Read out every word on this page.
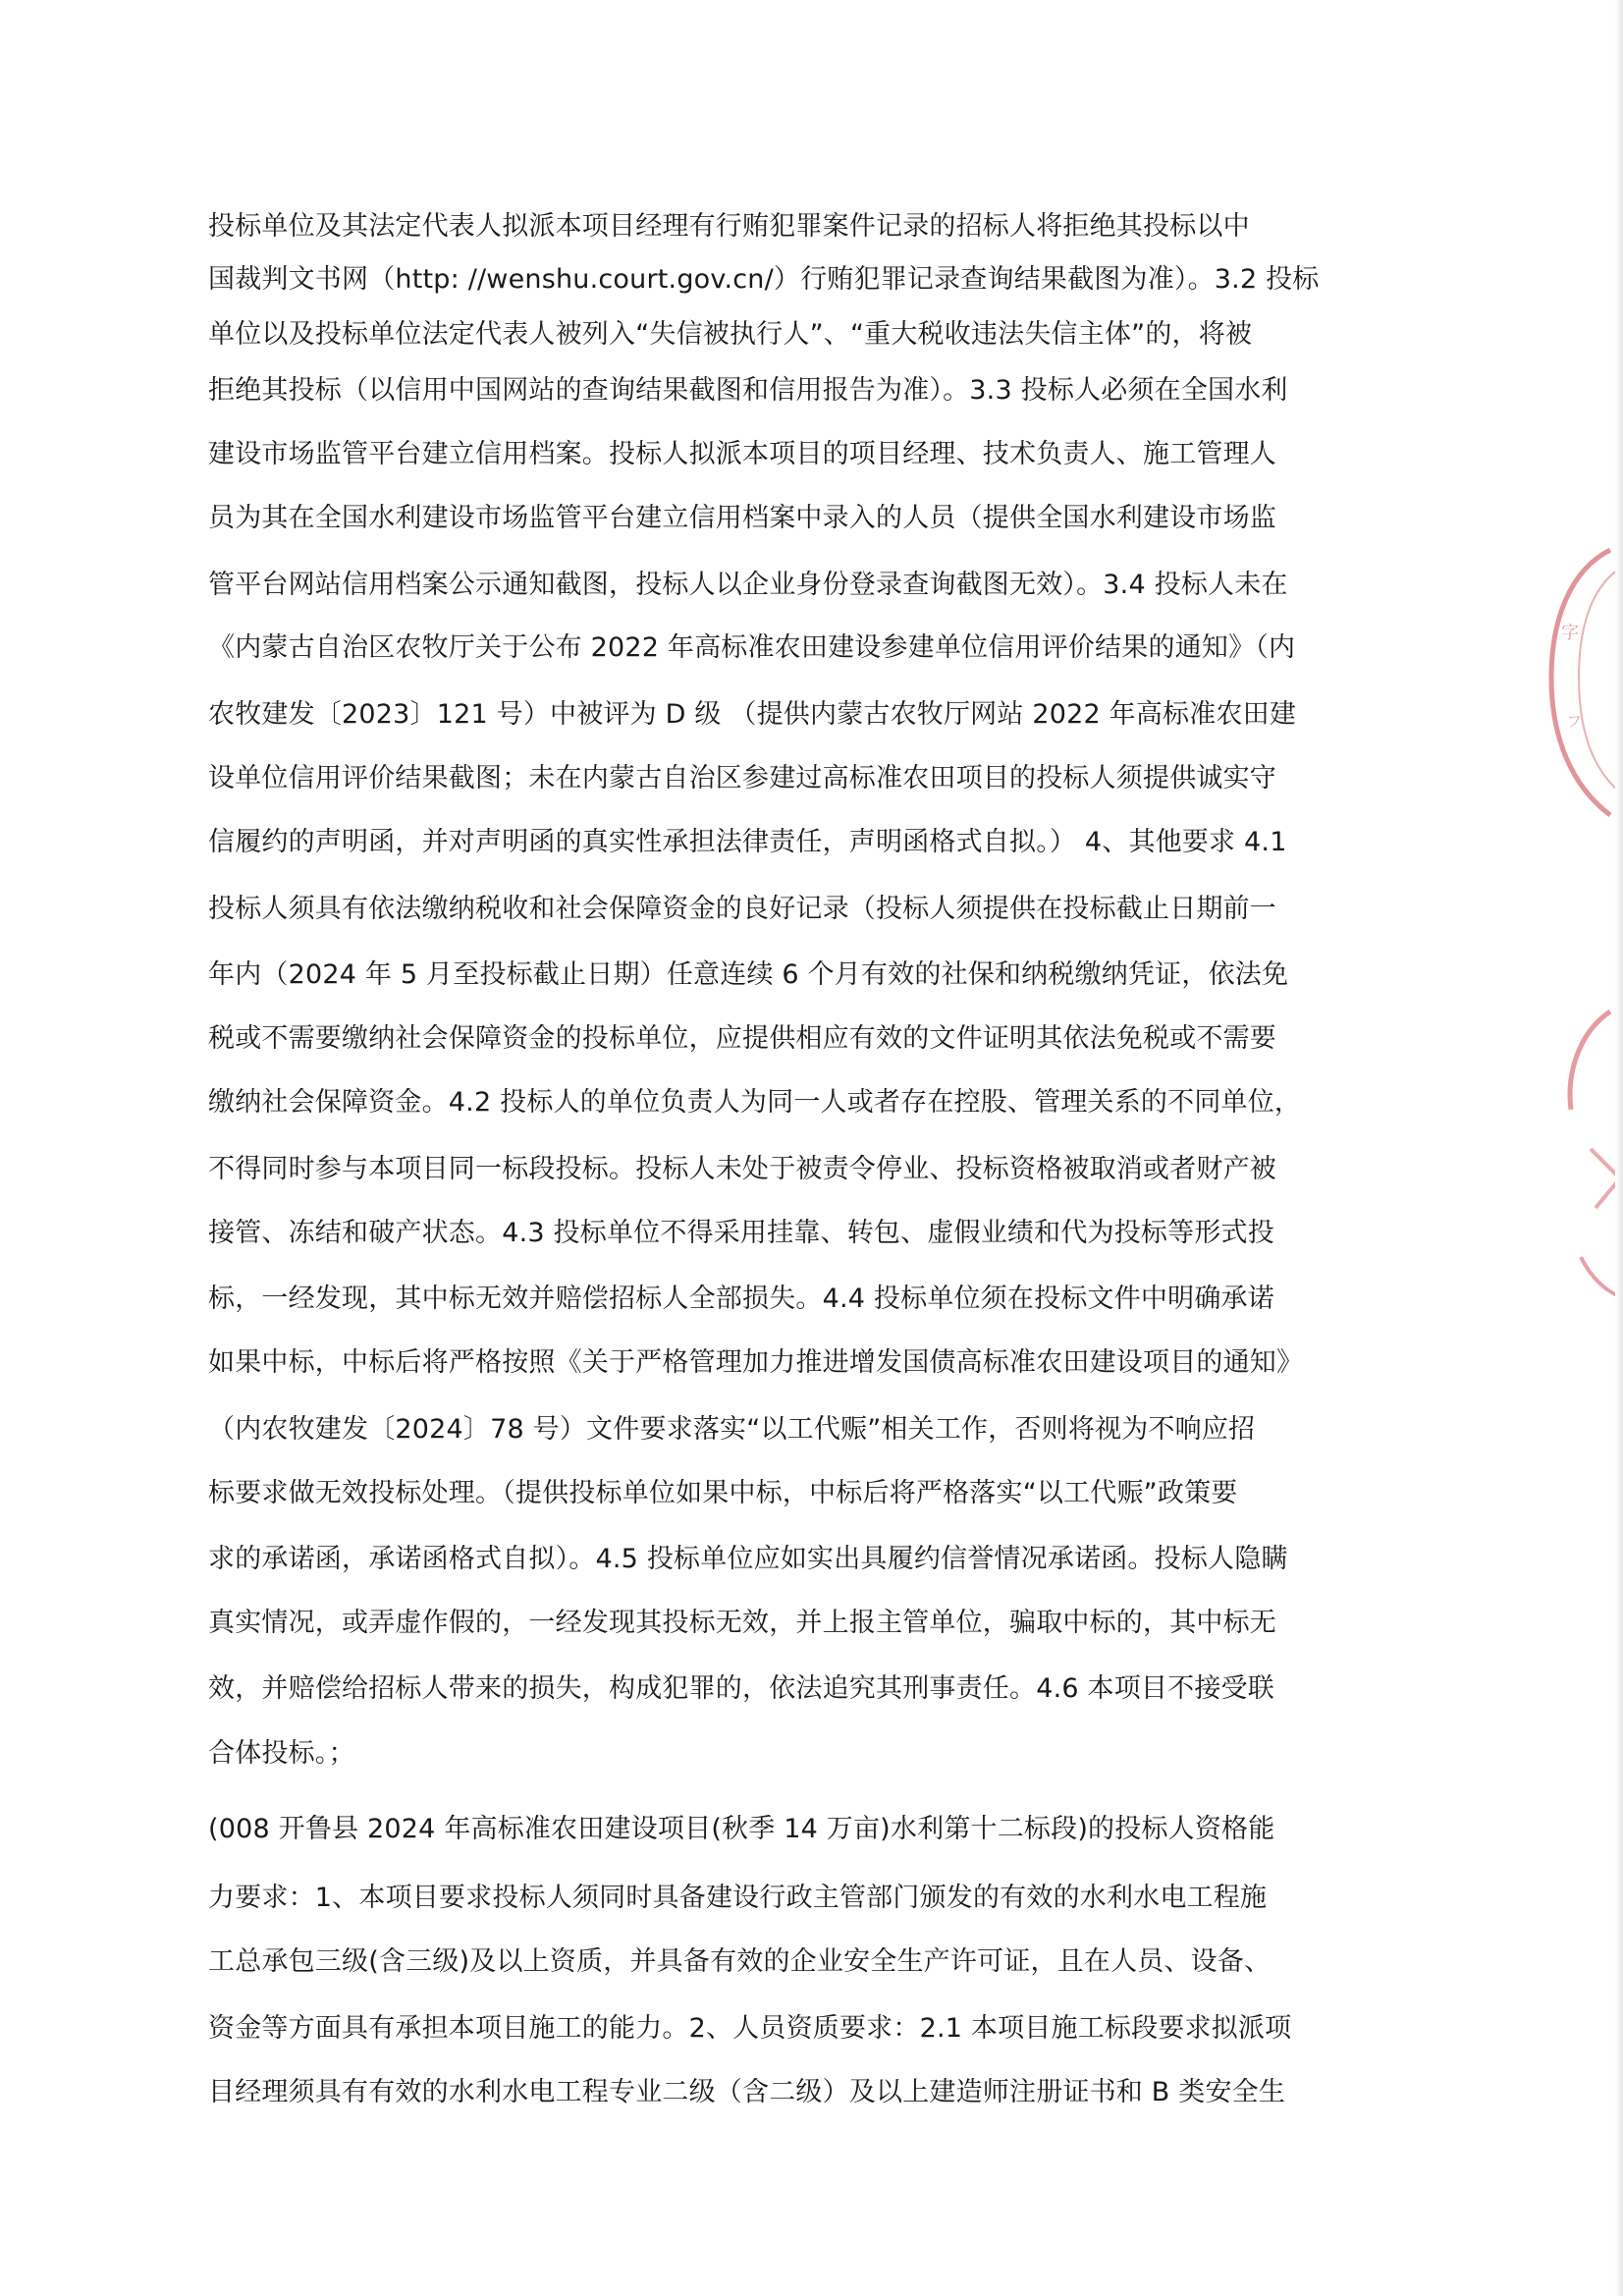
投标单位及其法定代表人拟派本项目经理有行贿犯罪案件记录的招标人将拒绝其投标以中
国裁判文书网（http: //wenshu.court.gov.cn/）行贿犯罪记录查询结果截图为准）。3.2 投标
单位以及投标单位法定代表人被列入“失信被执行人”、“重大税收违法失信主体”的，将被
拒绝其投标（以信用中国网站的查询结果截图和信用报告为准）。3.3 投标人必须在全国水利
建设市场监管平台建立信用档案。投标人拟派本项目的项目经理、技术负责人、施工管理人
员为其在全国水利建设市场监管平台建立信用档案中录入的人员（提供全国水利建设市场监
管平台网站信用档案公示通知截图，投标人以企业身份登录查询截图无效）。3.4 投标人未在
《内蒙古自治区农牧厅关于公布 2022 年高标准农田建设参建单位信用评价结果的通知》（内
农牧建发〔2023〕121 号）中被评为 D 级 （提供内蒙古农牧厅网站 2022 年高标准农田建
设单位信用评价结果截图；未在内蒙古自治区参建过高标准农田项目的投标人须提供诚实守
信履约的声明函，并对声明函的真实性承担法律责任，声明函格式自拟。） 4、其他要求 4.1
投标人须具有依法缴纳税收和社会保障资金的良好记录（投标人须提供在投标截止日期前一
年内（2024 年 5 月至投标截止日期）任意连续 6 个月有效的社保和纳税缴纳凭证，依法免
税或不需要缴纳社会保障资金的投标单位，应提供相应有效的文件证明其依法免税或不需要
缴纳社会保障资金。4.2 投标人的单位负责人为同一人或者存在控股、管理关系的不同单位，
不得同时参与本项目同一标段投标。投标人未处于被责令停业、投标资格被取消或者财产被
接管、冻结和破产状态。4.3 投标单位不得采用挂靠、转包、虚假业绩和代为投标等形式投
标，一经发现，其中标无效并赔偿招标人全部损失。4.4 投标单位须在投标文件中明确承诺
如果中标，中标后将严格按照《关于严格管理加力推进增发国债高标准农田建设项目的通知》
（内农牧建发〔2024〕78 号）文件要求落实“以工代赈”相关工作，否则将视为不响应招
标要求做无效投标处理。（提供投标单位如果中标，中标后将严格落实“以工代赈”政策要
求的承诺函，承诺函格式自拟）。4.5 投标单位应如实出具履约信誉情况承诺函。投标人隐瞒
真实情况，或弄虚作假的，一经发现其投标无效，并上报主管单位，骗取中标的，其中标无
效，并赔偿给招标人带来的损失，构成犯罪的，依法追究其刑事责任。4.6 本项目不接受联
合体投标。；
(008 开鲁县 2024 年高标准农田建设项目(秋季 14 万亩)水利第十二标段)的投标人资格能
力要求：1、本项目要求投标人须同时具备建设行政主管部门颁发的有效的水利水电工程施
工总承包三级(含三级)及以上资质，并具备有效的企业安全生产许可证，且在人员、设备、
资金等方面具有承担本项目施工的能力。2、人员资质要求：2.1 本项目施工标段要求拟派项
目经理须具有有效的水利水电工程专业二级（含二级）及以上建造师注册证书和 B 类安全生
字
フ
